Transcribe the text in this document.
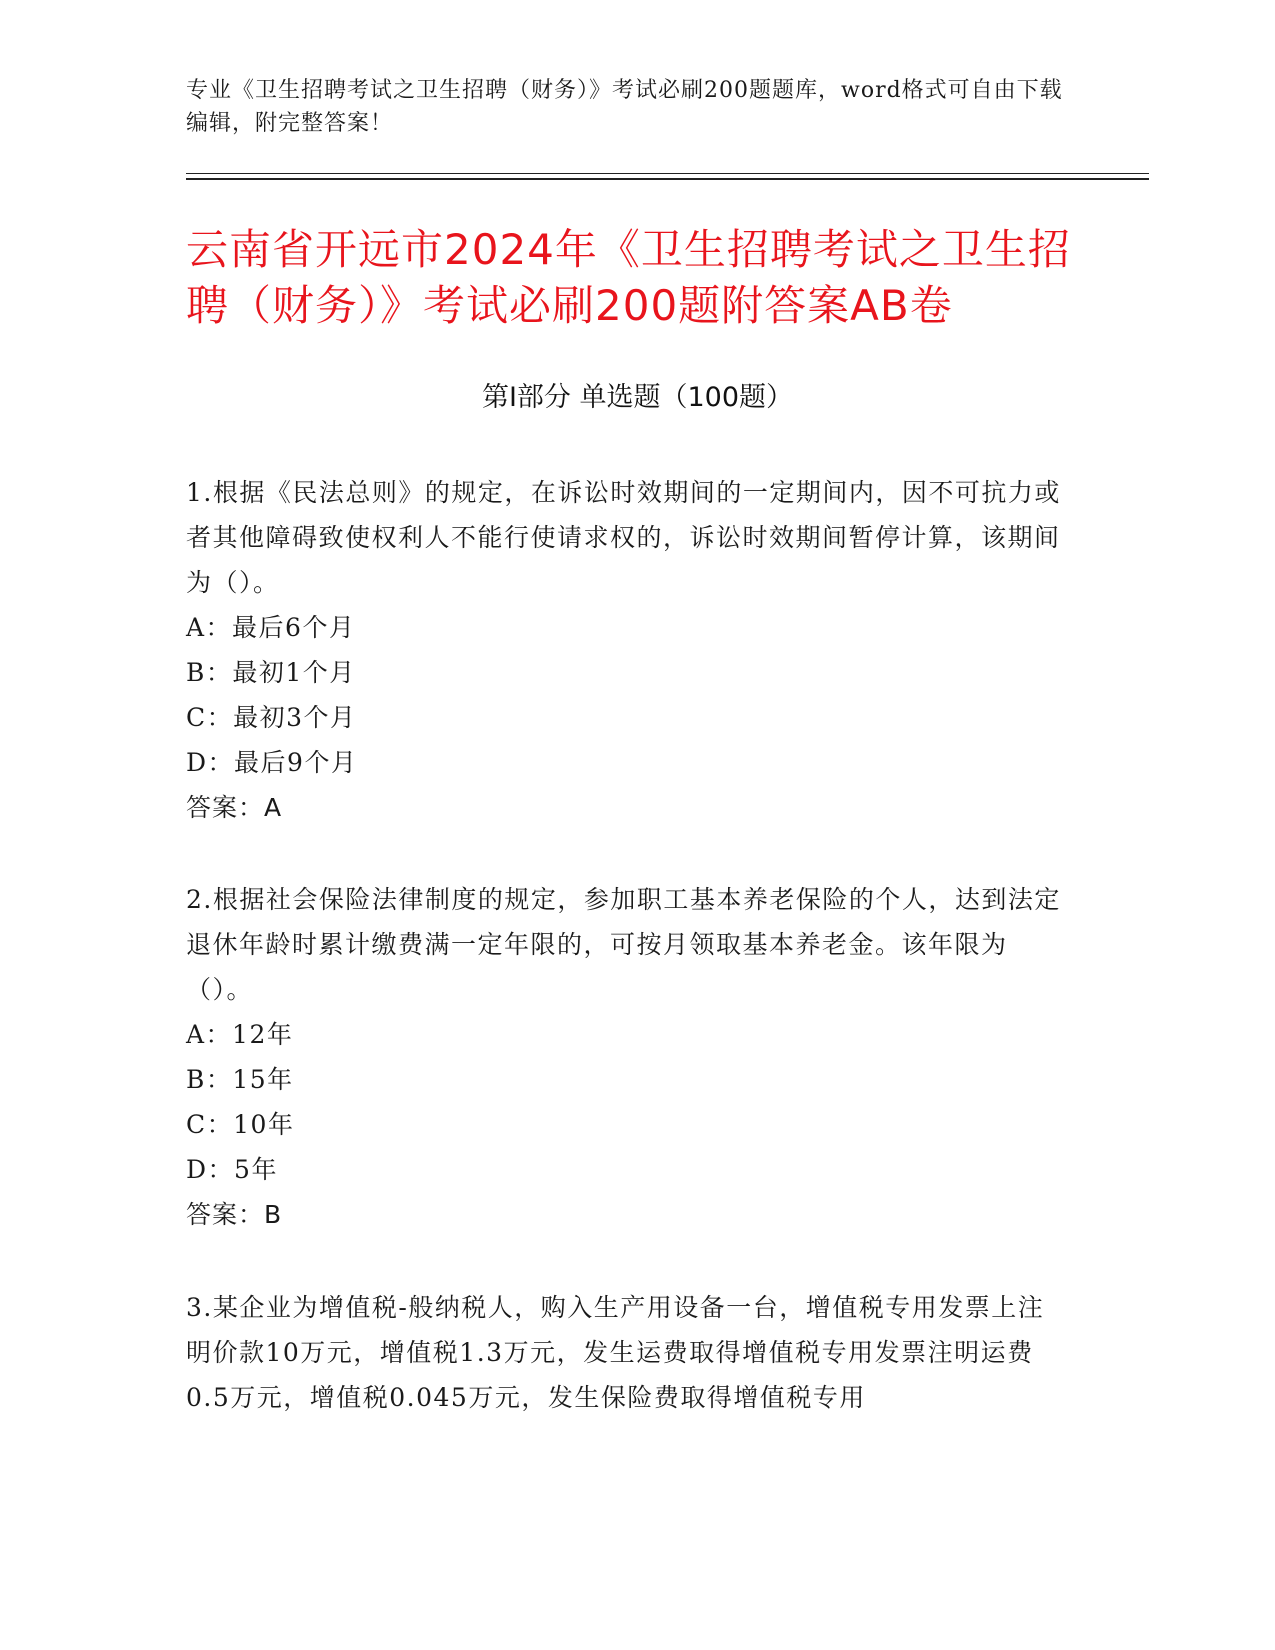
专业《卫生招聘考试之卫生招聘（财务）》考试必刷200题题库，word格式可自由下载编辑，附完整答案！
云南省开远市2024年《卫生招聘考试之卫生招聘（财务）》考试必刷200题附答案AB卷
第Ⅰ部分 单选题（100题）

1.根据《民法总则》的规定，在诉讼时效期间的一定期间内，因不可抗力或者其他障碍致使权利人不能行使请求权的，诉讼时效期间暂停计算，该期间为（）。

A：最后6个月

B：最初1个月

C：最初3个月

D：最后9个月

答案：A

2.根据社会保险法律制度的规定，参加职工基本养老保险的个人，达到法定退休年龄时累计缴费满一定年限的，可按月领取基本养老金。该年限为（）。

A：12年

B：15年

C：10年

D：5年

答案：B

3.某企业为增值税-般纳税人，购入生产用设备一台，增值税专用发票上注明价款10万元，增值税1.3万元，发生运费取得增值税专用发票注明运费0.5万元，增值税0.045万元，发生保险费取得增值税专用
